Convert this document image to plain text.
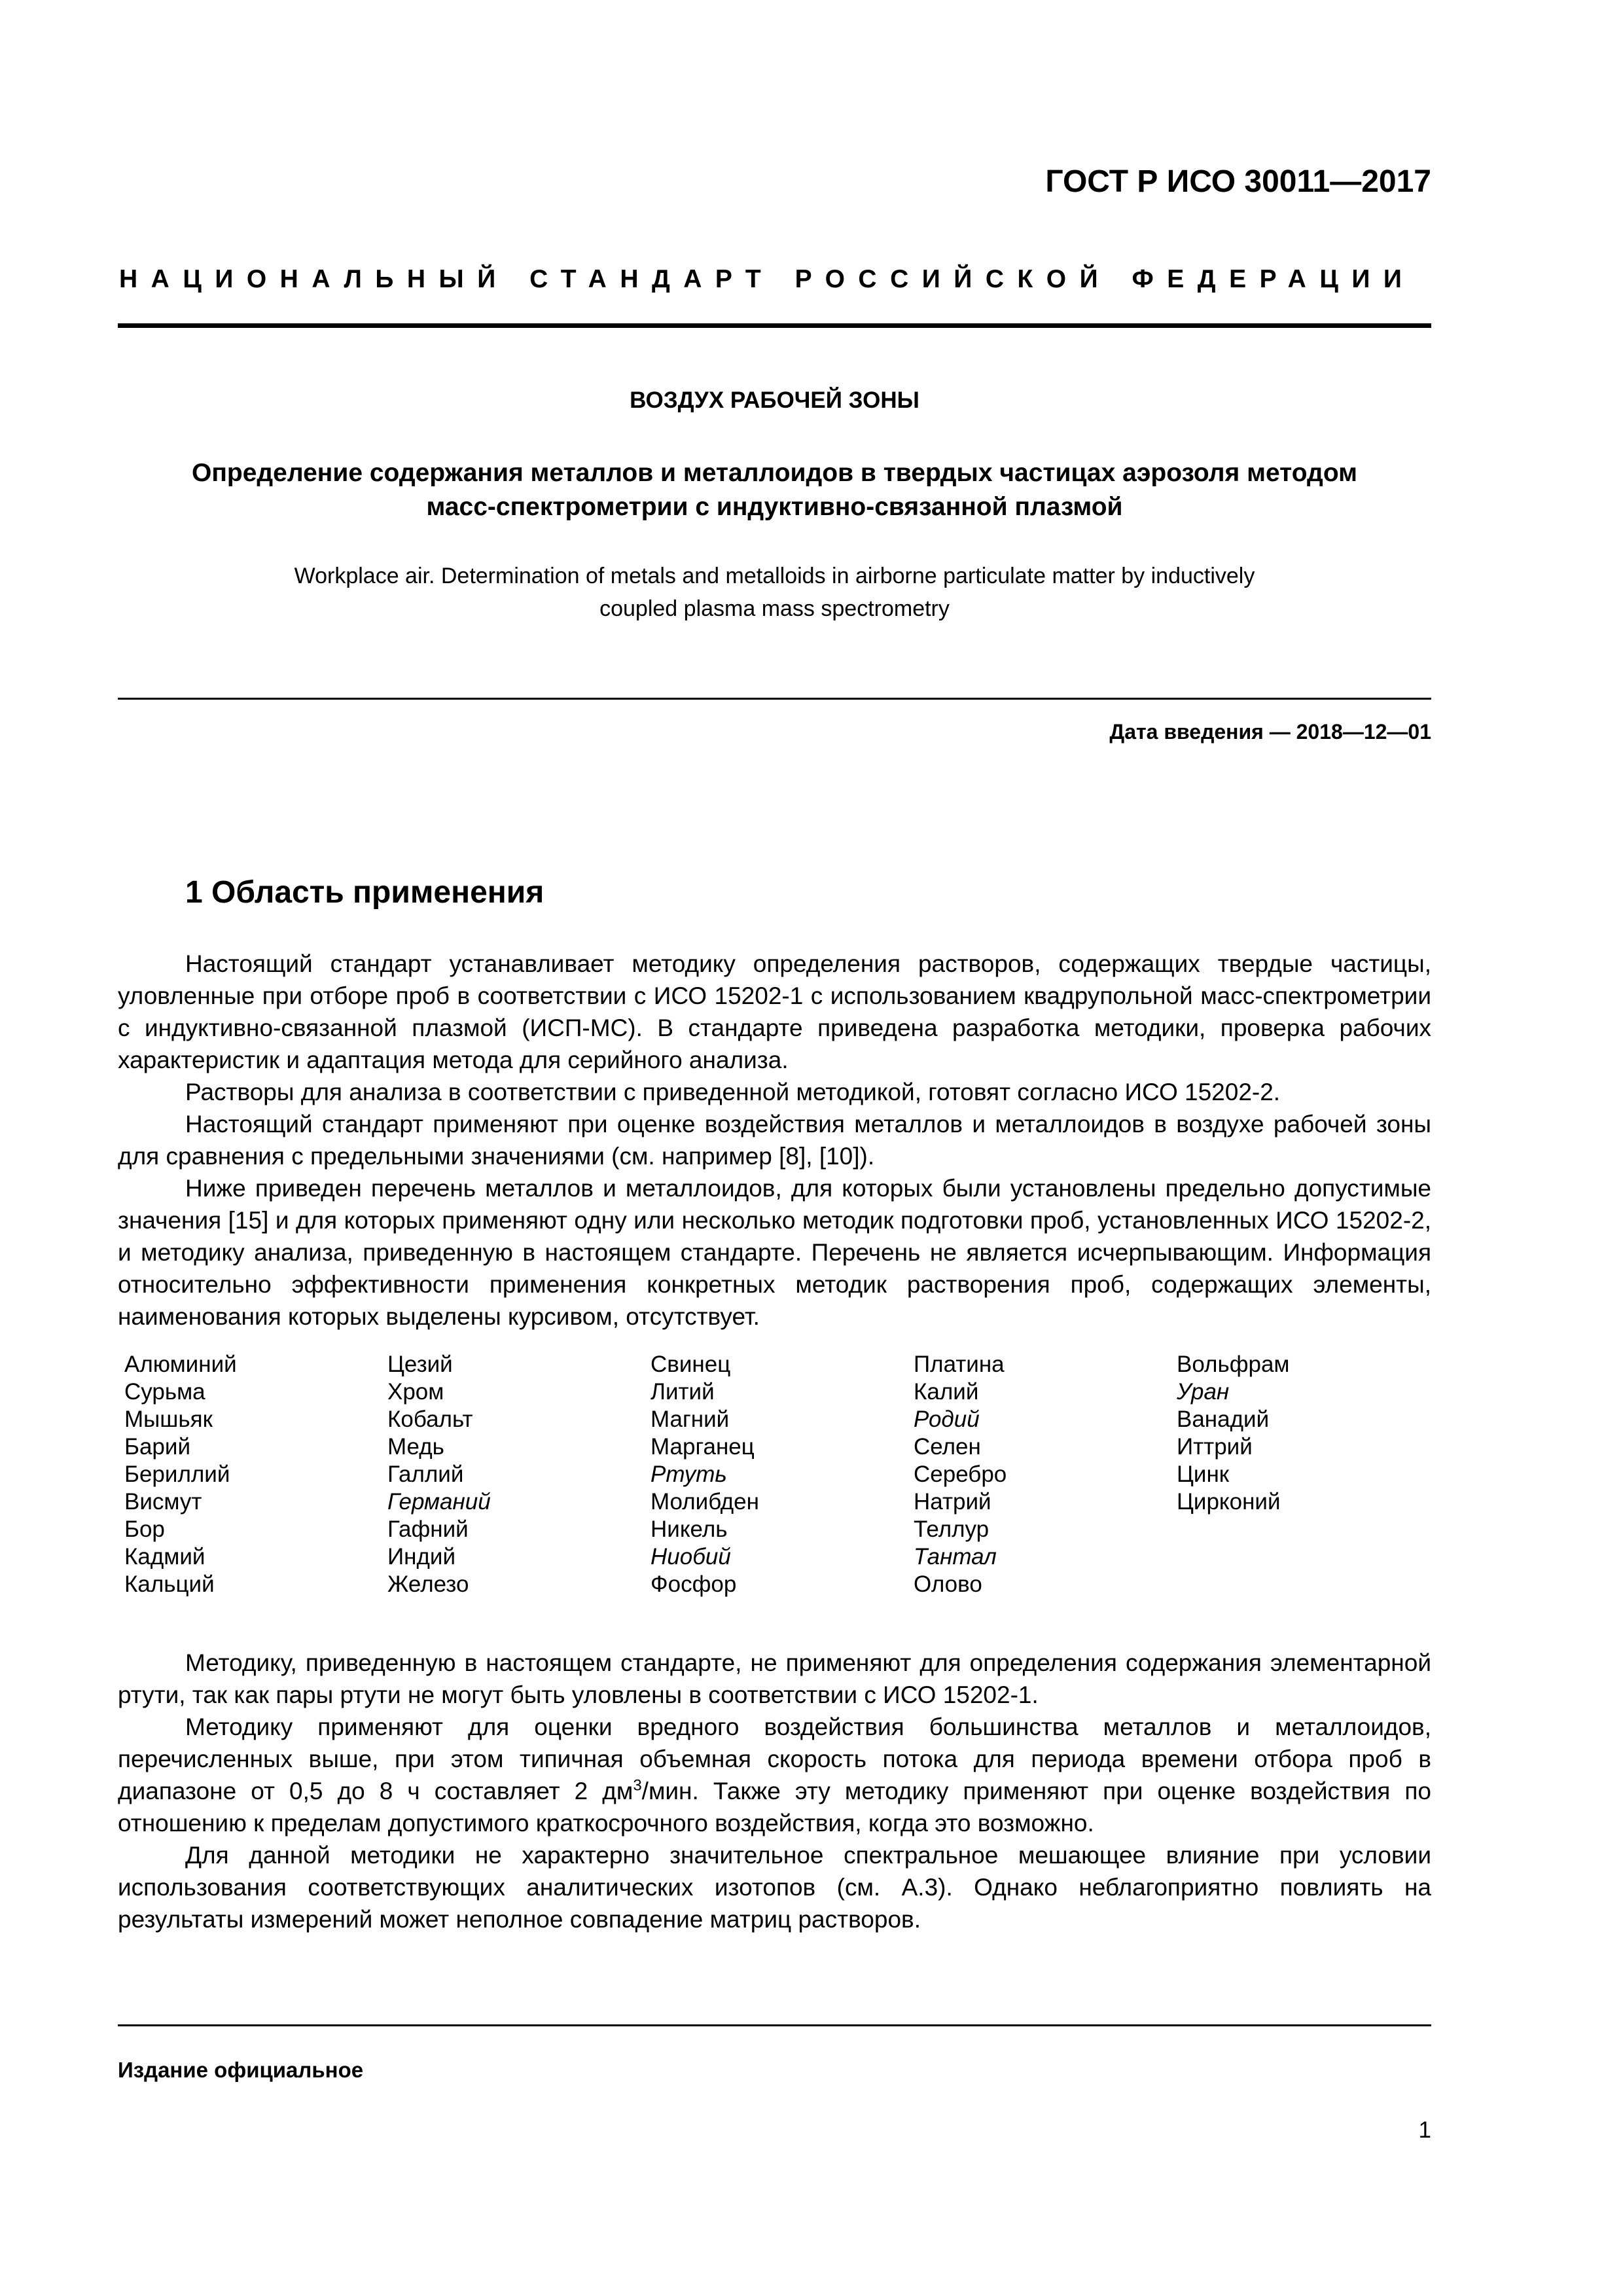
ГОСТ Р ИСО 30011—2017
НАЦИОНАЛЬНЫЙ СТАНДАРТ РОССИЙСКОЙ ФЕДЕРАЦИИ
ВОЗДУХ РАБОЧЕЙ ЗОНЫ
Определение содержания металлов и металлоидов в твердых частицах аэрозоля методом
масс-спектрометрии с индуктивно-связанной плазмой
Workplace air. Determination of metals and metalloids in airborne particulate matter by inductively
coupled plasma mass spectrometry
Дата введения — 2018—12—01
1 Область применения

Настоящий стандарт устанавливает методику определения растворов, содержащих твердые частицы, уловленные при отборе проб в соответствии с ИСО 15202-1 с использованием квадрупольной масс-спектрометрии с индуктивно-связанной плазмой (ИСП-МС). В стандарте приведена разработка методики, проверка рабочих характеристик и адаптация метода для серийного анализа.

Растворы для анализа в соответствии с приведенной методикой, готовят согласно ИСО 15202-2.

Настоящий стандарт применяют при оценке воздействия металлов и металлоидов в воздухе рабочей зоны для сравнения с предельными значениями (см. например [8], [10]).

Ниже приведен перечень металлов и металлоидов, для которых были установлены предельно допустимые значения [15] и для которых применяют одну или несколько методик подготовки проб, установленных ИСО 15202-2, и методику анализа, приведенную в настоящем стандарте. Перечень не является исчерпывающим. Информация относительно эффективности применения конкретных методик растворения проб, содержащих элементы, наименования которых выделены курсивом, отсутствует.

Алюминий
Сурьма
Мышьяк
Барий
Бериллий
Висмут
Бор
Кадмий
Кальций
Цезий
Хром
Кобальт
Медь
Галлий
Германий
Гафний
Индий
Железо
Свинец
Литий
Магний
Марганец
Ртуть
Молибден
Никель
Ниобий
Фосфор
Платина
Калий
Родий
Селен
Серебро
Натрий
Теллур
Тантал
Олово
Вольфрам
Уран
Ванадий
Иттрий
Цинк
Цирконий

Методику, приведенную в настоящем стандарте, не применяют для определения содержания элементарной ртути, так как пары ртути не могут быть уловлены в соответствии с ИСО 15202-1.

Методику применяют для оценки вредного воздействия большинства металлов и металлоидов, перечисленных выше, при этом типичная объемная скорость потока для периода времени отбора проб в диапазоне от 0,5 до 8 ч составляет 2 $дм^3$/мин. Также эту методику применяют при оценке воздействия по отношению к пределам допустимого краткосрочного воздействия, когда это возможно.

Для данной методики не характерно значительное спектральное мешающее влияние при условии использования соответствующих аналитических изотопов (см. А.3). Однако неблагоприятно повлиять на результаты измерений может неполное совпадение матриц растворов.

Издание официальное
1
